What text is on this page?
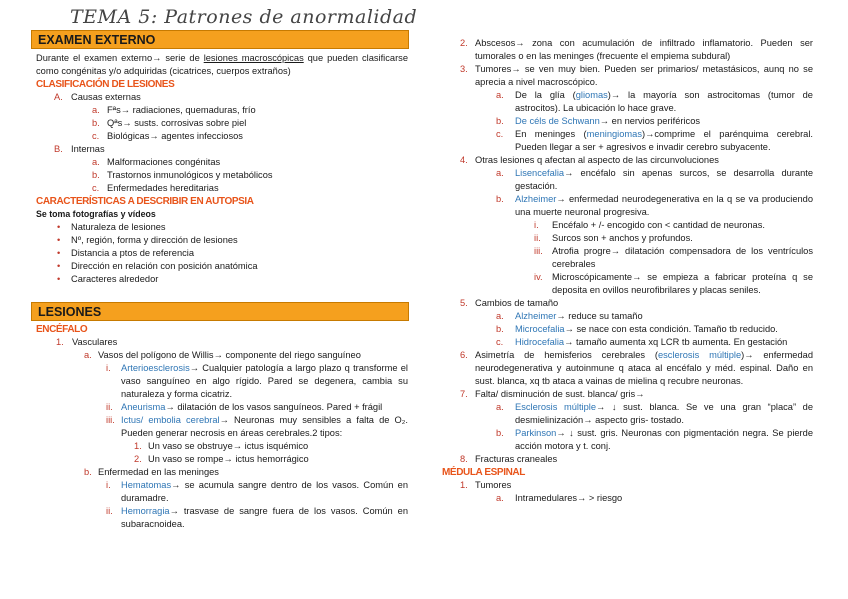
TEMA 5: Patrones de anormalidad
EXAMEN EXTERNO

Durante el examen externo→ serie de lesiones macroscópicas que pueden clasificarse como congénitas y/o adquiridas (cicatrices, cuerpos extraños)

CLASIFICACIÓN DE LESIONES

A. Causas externas

a. Fªs→ radiaciones, quemaduras, frío

b. Qªs→ susts. corrosivas sobre piel

c. Biológicas→ agentes infecciosos

B. Internas

a. Malformaciones congénitas

b. Trastornos inmunológicos y metabólicos

c. Enfermedades hereditarias

CARACTERÍSTICAS A DESCRIBIR EN AUTOPSIA

Se toma fotografías y vídeos

• Naturaleza de lesiones

• Nº, región, forma y dirección de lesiones

• Distancia a ptos de referencia

• Dirección en relación con posición anatómica

• Caracteres alrededor

LESIONES

ENCÉFALO

1. Vasculares

a. Vasos del polígono de Willis→ componente del riego sanguíneo

i.	Arterioesclerosis→ Cualquier patología a largo plazo q transforme el vaso sanguíneo en algo rígido. Pared se degenera, cambia su naturaleza y forma cicatriz.
ii. Aneurisma→ dilatación de los vasos sanguíneos. Pared + frágil
iii. Ictus/ embolia cerebral→ Neuronas muy sensibles a falta de O₂. Pueden generar necrosis en áreas cerebrales.2 tipos:

1. Un vaso se obstruye→ ictus isquémico

2. Un vaso se rompe→ ictus hemorrágico

b. Enfermedad en las meninges

i.	Hematomas→ se acumula sangre dentro de los vasos. Común en duramadre.
ii. Hemorragia→ trasvase de sangre fuera de los vasos. Común en subaracnoidea.
2. Abscesos→ zona con acumulación de infiltrado inflamatorio. Pueden ser tumorales o en las meninges (frecuente el empiema subdural)
3. Tumores→ se ven muy bien. Pueden ser primarios/ metastásicos, aunq no se aprecia a nivel macroscópico.
a.	De la glía (gliomas)→ la mayoría son astrocitomas (tumor de astrocitos). La ubicación lo hace grave.
b.	De céls de Schwann→ en nervios periféricos
c.	En meninges (meningiomas)→comprime el parénquima cerebral. Pueden llegar a ser + agresivos e invadir cerebro subyacente.
4. Otras lesiones q afectan al aspecto de las circunvoluciones
a.	Lisencefalia→ encéfalo sin apenas surcos, se desarrolla durante gestación.
b.	Alzheimer→ enfermedad neurodegenerativa en la q se va produciendo una muerte neuronal progresiva.
i.	Encéfalo + /- encogido con < cantidad de neuronas.
ii.	Surcos son + anchos y profundos.
iii. Atrofia progre→ dilatación compensadora de los ventrículos cerebrales
iv.	Microscópicamente→ se empieza a fabricar proteína q se deposita en ovillos neurofibrilares y placas seniles.
5. Cambios de tamaño
a.	Alzheimer→ reduce su tamaño
b.	Microcefalia→ se nace con esta condición. Tamaño tb reducido.
c.	Hidrocefalia→ tamaño aumenta xq LCR tb aumenta. En gestación
6. Asimetría de hemisferios cerebrales (esclerosis múltiple)→ enfermedad neurodegenerativa y autoinmune q ataca al encéfalo y méd. espinal. Daño en sust. blanca, xq tb ataca a vainas de mielina q recubre neuronas.
7. Falta/ disminución de sust. blanca/ gris→
a.	Esclerosis múltiple→ ↓ sust. blanca. Se ve una gran “placa” de desmielinización→ aspecto gris- tostado.
b.	Parkinson→ ↓ sust. gris. Neuronas con pigmentación negra. Se pierde acción motora y t. conj.
8. Fracturas craneales

MÉDULA ESPINAL

1. Tumores
a.	Intramedulares→ > riesgo
